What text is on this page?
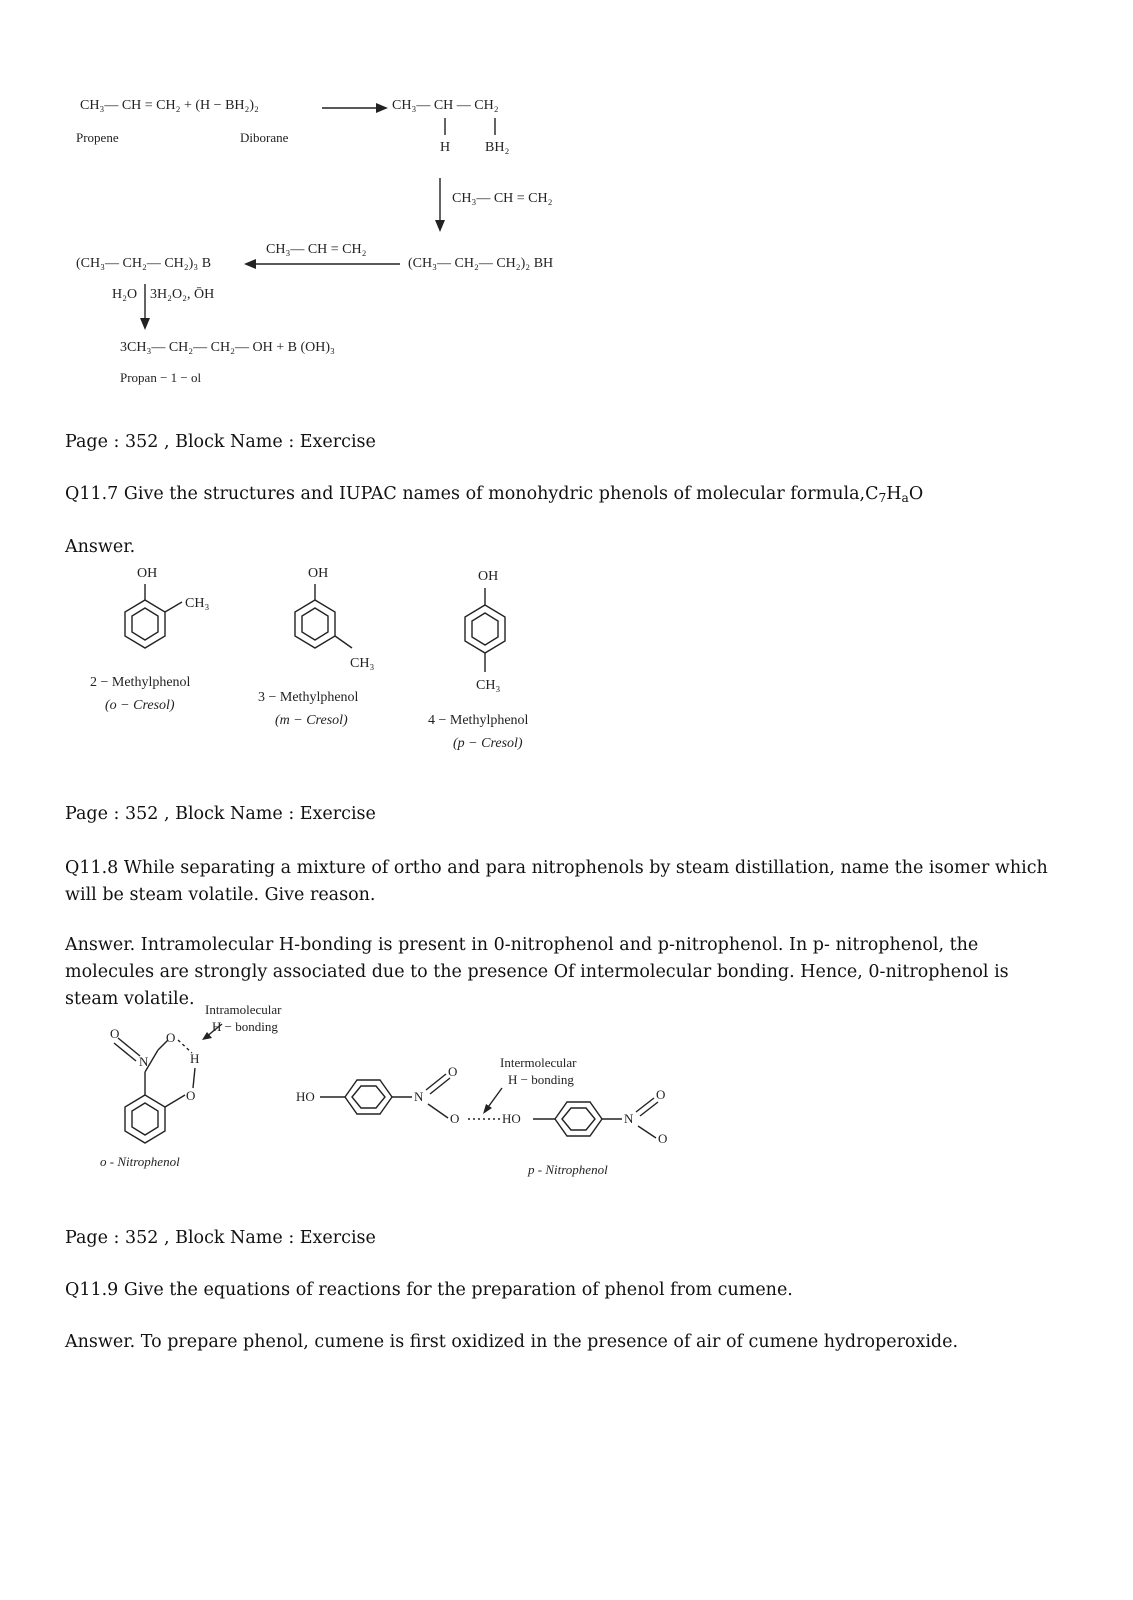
CH₃— CH = CH₂ + (H − BH₂)₂
Propene	Diborane
CH₃— CH — CH₂
H BH₂
CH₃— CH = CH₂
CH₃— CH = CH₂
(CH₃— CH₂— CH₂)₂ BH
(CH₃— CH₂— CH₂)₃ B
H₂O 3H₂O₂, ŌH
3CH₃— CH₂— CH₂— OH + B (OH)₃
Propan − 1 − ol
Page : 352 , Block Name : Exercise
Q11.7 Give the structures and IUPAC names of monohydric phenols of molecular $formula,C_7H_aO$
Answer.
OH
CH₃
2 − Methylphenol
(o − Cresol)
OH
CH₃
3 − Methylphenol
(m − Cresol)
OH
CH₃
4 − Methylphenol
(p − Cresol)
Page : 352 , Block Name : Exercise
Q11.8 While separating a mixture of ortho and para nitrophenols by steam distillation, name the isomer which will be steam volatile. Give reason.
Answer. Intramolecular H-bonding is present in 0-nitrophenol and p-nitrophenol. In p- nitrophenol, the molecules are strongly associated due to the presence Of intermolecular bonding. Hence, 0-nitrophenol is steam volatile.
O	O
N	H
O
Intramolecular
H − bonding
o - Nitrophenol
HO	N
O
O	HO	N
O
O
Intermolecular
H − bonding
p - Nitrophenol
Page : 352 , Block Name : Exercise
Q11.9 Give the equations of reactions for the preparation of phenol from cumene.
Answer. To prepare phenol, cumene is first oxidized in the presence of air of cumene hydroperoxide.
